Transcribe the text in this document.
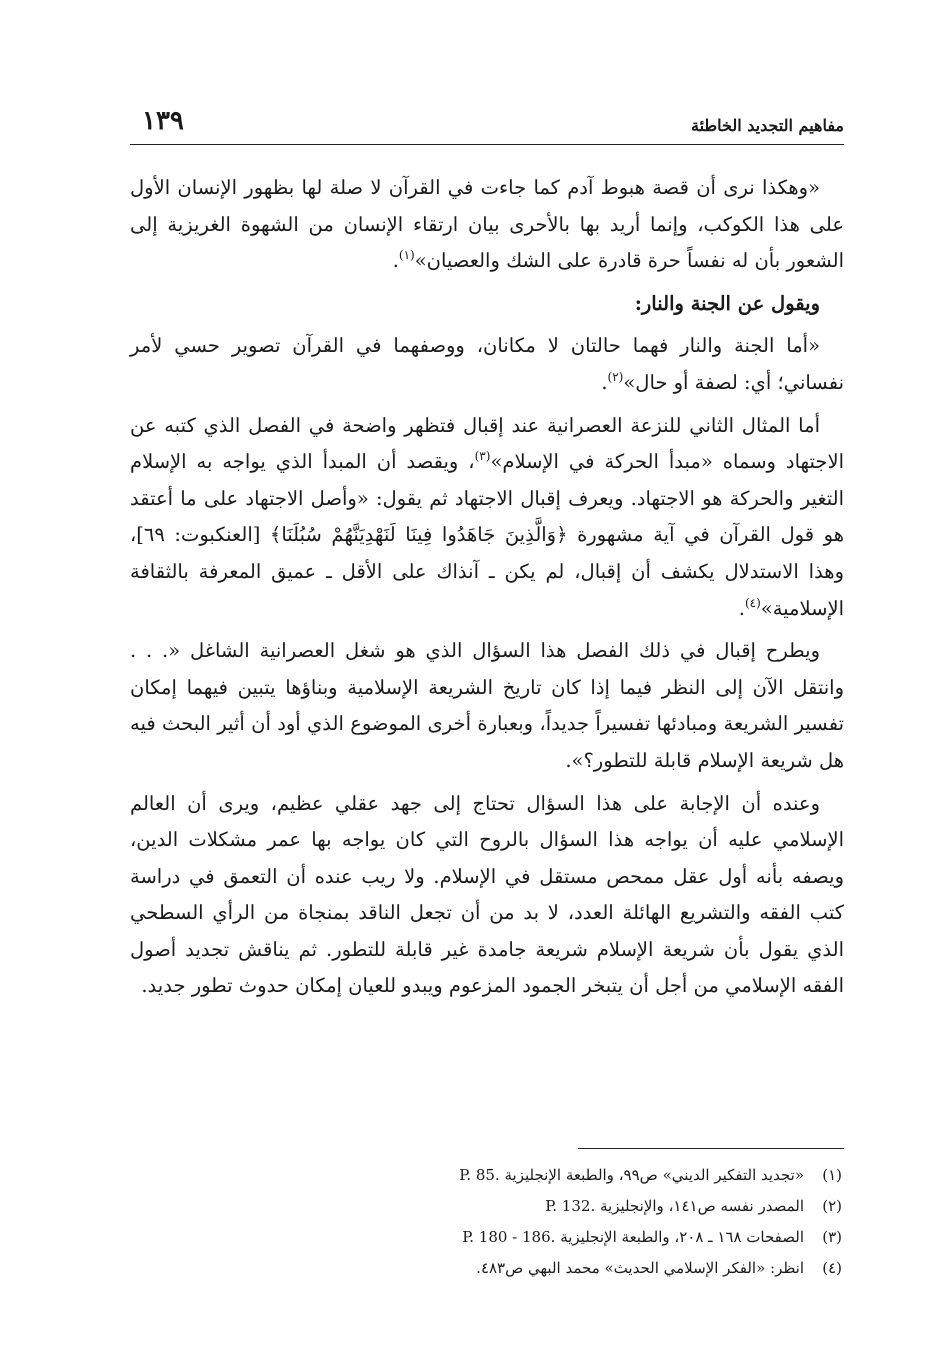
مفاهيم التجديد الخاطئة
١٣٩

«وهكذا نرى أن قصة هبوط آدم كما جاءت في القرآن لا صلة لها بظهور الإنسان الأول على هذا الكوكب، وإنما أريد بها بالأحرى بيان ارتقاء الإنسان من الشهوة الغريزية إلى الشعور بأن له نفساً حرة قادرة على الشك والعصيان»$^{(١)}$.

ويقول عن الجنة والنار:

«أما الجنة والنار فهما حالتان لا مكانان، ووصفهما في القرآن تصوير حسي لأمر نفساني؛ أي: لصفة أو حال»$^{(٢)}$.

أما المثال الثاني للنزعة العصرانية عند إقبال فتظهر واضحة في الفصل الذي كتبه عن الاجتهاد وسماه «مبدأ الحركة في الإسلام»$^{(٣)}$، ويقصد أن المبدأ الذي يواجه به الإسلام التغير والحركة هو الاجتهاد. ويعرف إقبال الاجتهاد ثم يقول: «وأصل الاجتهاد على ما أعتقد هو قول القرآن في آية مشهورة ﴿وَالَّذِينَ جَاهَدُوا فِينَا لَنَهْدِيَنَّهُمْ سُبُلَنَا﴾ [العنكبوت: ٦٩]، وهذا الاستدلال يكشف أن إقبال، لم يكن ـ آنذاك على الأقل ـ عميق المعرفة بالثقافة الإسلامية»$^{(٤)}$.

ويطرح إقبال في ذلك الفصل هذا السؤال الذي هو شغل العصرانية الشاغل «. . . وانتقل الآن إلى النظر فيما إذا كان تاريخ الشريعة الإسلامية وبناؤها يتبين فيهما إمكان تفسير الشريعة ومبادئها تفسيراً جديداً، وبعبارة أخرى الموضوع الذي أود أن أثير البحث فيه هل شريعة الإسلام قابلة للتطور؟».

وعنده أن الإجابة على هذا السؤال تحتاج إلى جهد عقلي عظيم، ويرى أن العالم الإسلامي عليه أن يواجه هذا السؤال بالروح التي كان يواجه بها عمر مشكلات الدين، ويصفه بأنه أول عقل ممحص مستقل في الإسلام. ولا ريب عنده أن التعمق في دراسة كتب الفقه والتشريع الهائلة العدد، لا بد من أن تجعل الناقد بمنجاة من الرأي السطحي الذي يقول بأن شريعة الإسلام شريعة جامدة غير قابلة للتطور. ثم يناقش تجديد أصول الفقه الإسلامي من أجل أن يتبخر الجمود المزعوم ويبدو للعيان إمكان حدوث تطور جديد.

(١)
«تجديد التفكير الديني» ص٩٩، والطبعة الإنجليزية .P. 85
(٢)
المصدر نفسه ص١٤١، والإنجليزية .P. 132
(٣)
الصفحات ١٦٨ ـ ٢٠٨، والطبعة الإنجليزية .P. 180 - 186
(٤)
انظر: «الفكر الإسلامي الحديث» محمد البهي ص٤٨٣.
